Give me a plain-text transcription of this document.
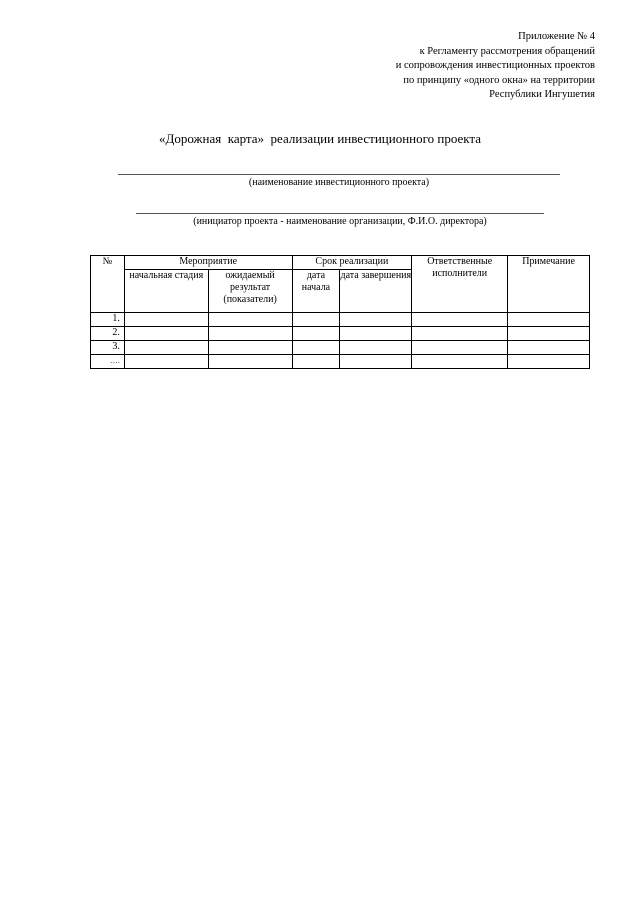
Приложение № 4
к Регламенту рассмотрения обращений
и сопровождения инвестиционных проектов
по принципу «одного окна» на территории
Республики Ингушетия
«Дорожная  карта»  реализации инвестиционного проекта
(наименование инвестиционного проекта)
(инициатор проекта - наименование организации, Ф.И.О. директора)
№	Мероприятие		Срок реализации		Ответственные исполнители	Примечание
	начальная стадия	ожидаемый результат (показатели)	дата начала	дата завершения		
1.						
2.						
3.						
….						
